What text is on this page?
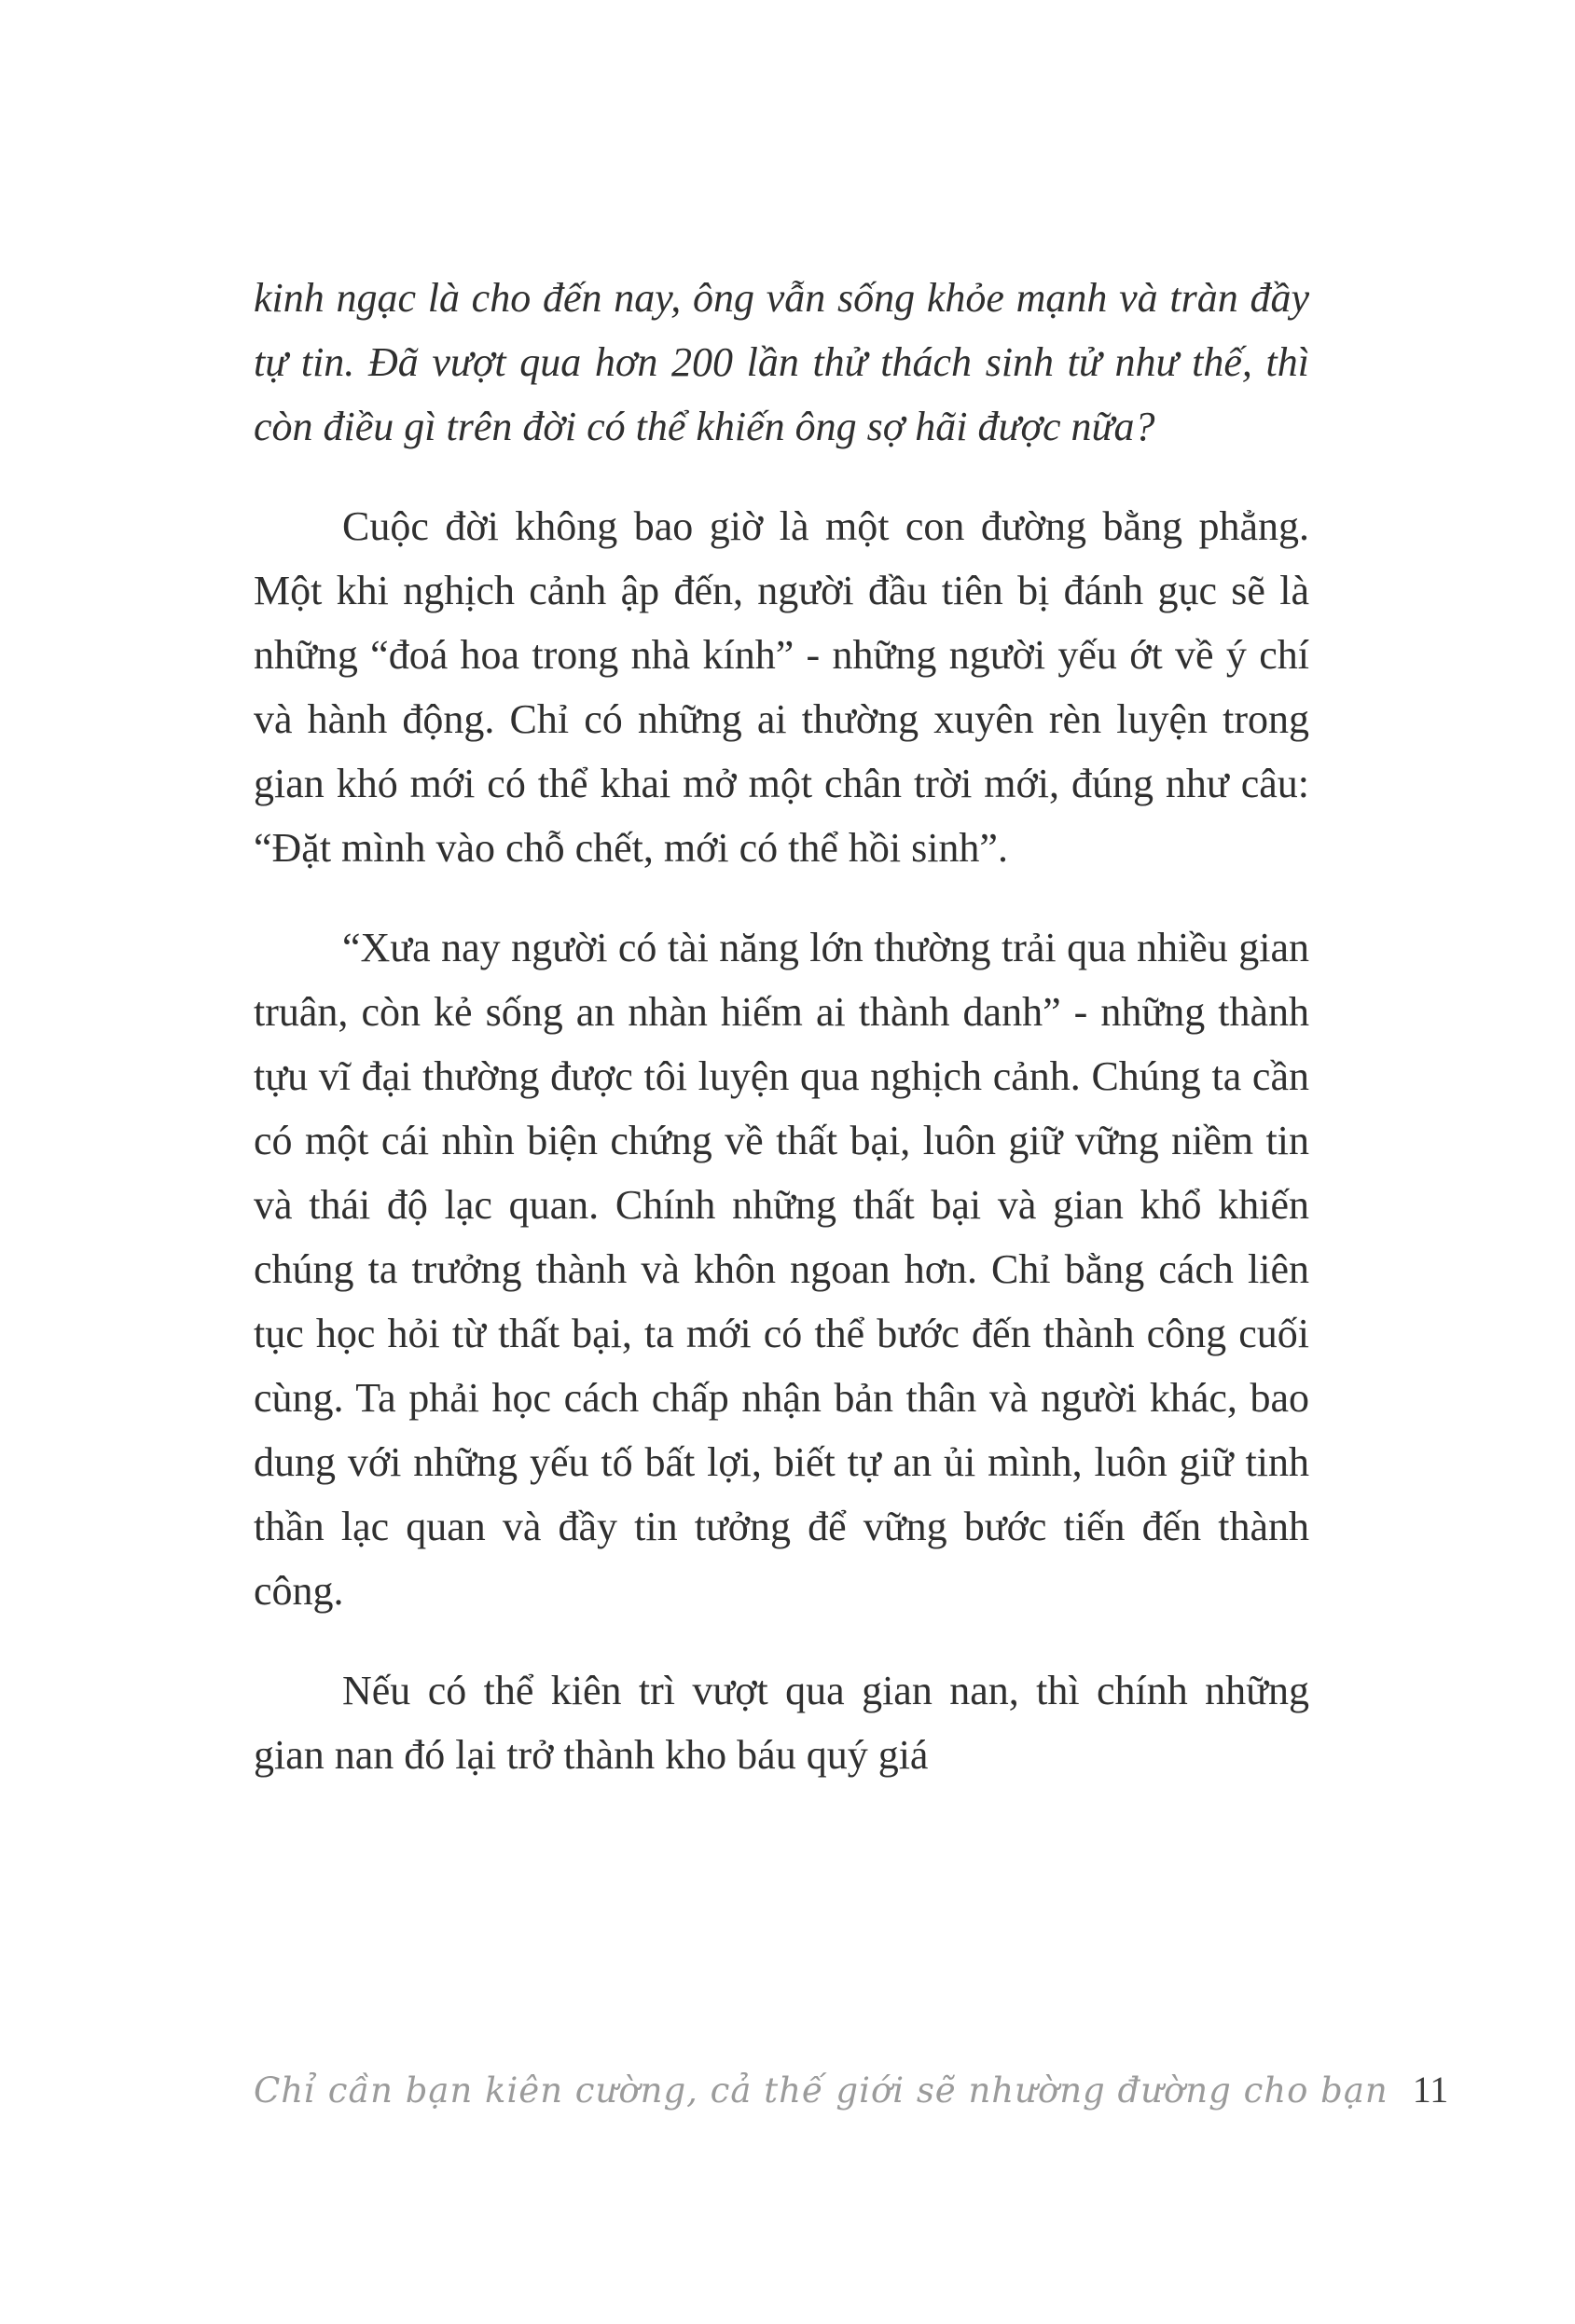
kinh ngạc là cho đến nay, ông vẫn sống khỏe mạnh và tràn đầy tự tin. Đã vượt qua hơn 200 lần thử thách sinh tử như thế, thì còn điều gì trên đời có thể khiến ông sợ hãi được nữa?

Cuộc đời không bao giờ là một con đường bằng phẳng. Một khi nghịch cảnh ập đến, người đầu tiên bị đánh gục sẽ là những “đoá hoa trong nhà kính” - những người yếu ớt về ý chí và hành động. Chỉ có những ai thường xuyên rèn luyện trong gian khó mới có thể khai mở một chân trời mới, đúng như câu: “Đặt mình vào chỗ chết, mới có thể hồi sinh”.

“Xưa nay người có tài năng lớn thường trải qua nhiều gian truân, còn kẻ sống an nhàn hiếm ai thành danh” - những thành tựu vĩ đại thường được tôi luyện qua nghịch cảnh. Chúng ta cần có một cái nhìn biện chứng về thất bại, luôn giữ vững niềm tin và thái độ lạc quan. Chính những thất bại và gian khổ khiến chúng ta trưởng thành và khôn ngoan hơn. Chỉ bằng cách liên tục học hỏi từ thất bại, ta mới có thể bước đến thành công cuối cùng. Ta phải học cách chấp nhận bản thân và người khác, bao dung với những yếu tố bất lợi, biết tự an ủi mình, luôn giữ tinh thần lạc quan và đầy tin tưởng để vững bước tiến đến thành công.

Nếu có thể kiên trì vượt qua gian nan, thì chính những gian nan đó lại trở thành kho báu quý giá

Chỉ cần bạn kiên cường, cả thế giới sẽ nhường đường cho bạn 11
